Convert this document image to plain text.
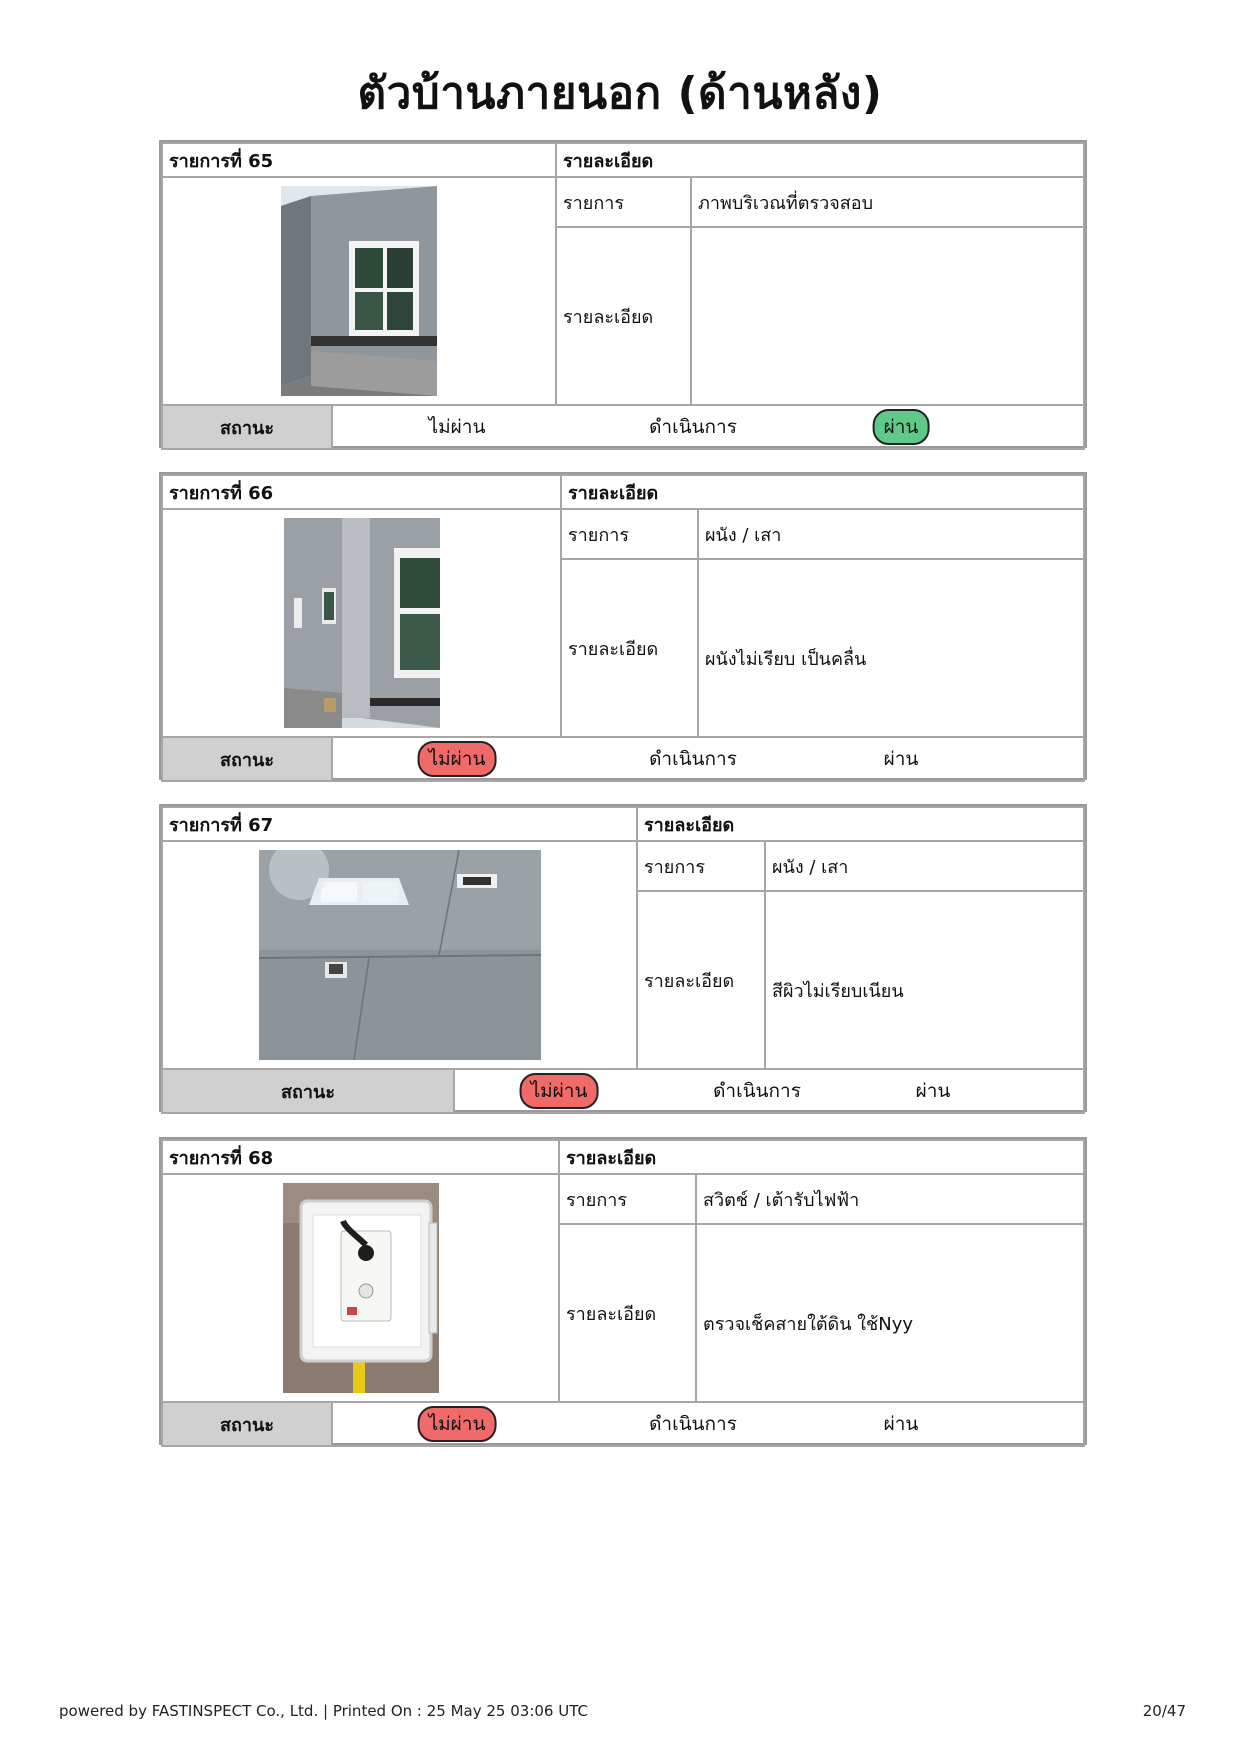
ตัวบ้านภายนอก (ด้านหลัง)
รายการที่ 65	รายละเอียด	

	รายการ	ภาพบริเวณที่ตรวจสอบ
	รายละเอียด	

สถานะ ไม่ผ่าน ดำเนินการ ผ่าน		
รายการที่ 66	รายละเอียด	

	รายการ	ผนัง / เสา
	รายละเอียด	ผนังไม่เรียบ เป็นคลื่น

สถานะ ไม่ผ่าน ดำเนินการ ผ่าน		
รายการที่ 67	รายละเอียด	

	รายการ	ผนัง / เสา
	รายละเอียด	สีผิวไม่เรียบเนียน

สถานะ ไม่ผ่าน ดำเนินการ ผ่าน		
รายการที่ 68	รายละเอียด	

	รายการ	สวิตช์ / เต้ารับไฟฟ้า
	รายละเอียด	ตรวจเช็คสายใต้ดิน ใช้Nyy

สถานะ ไม่ผ่าน ดำเนินการ ผ่าน		
powered by FASTINSPECT Co., Ltd. | Printed On : 25 May 25 03:06 UTC	20/47
